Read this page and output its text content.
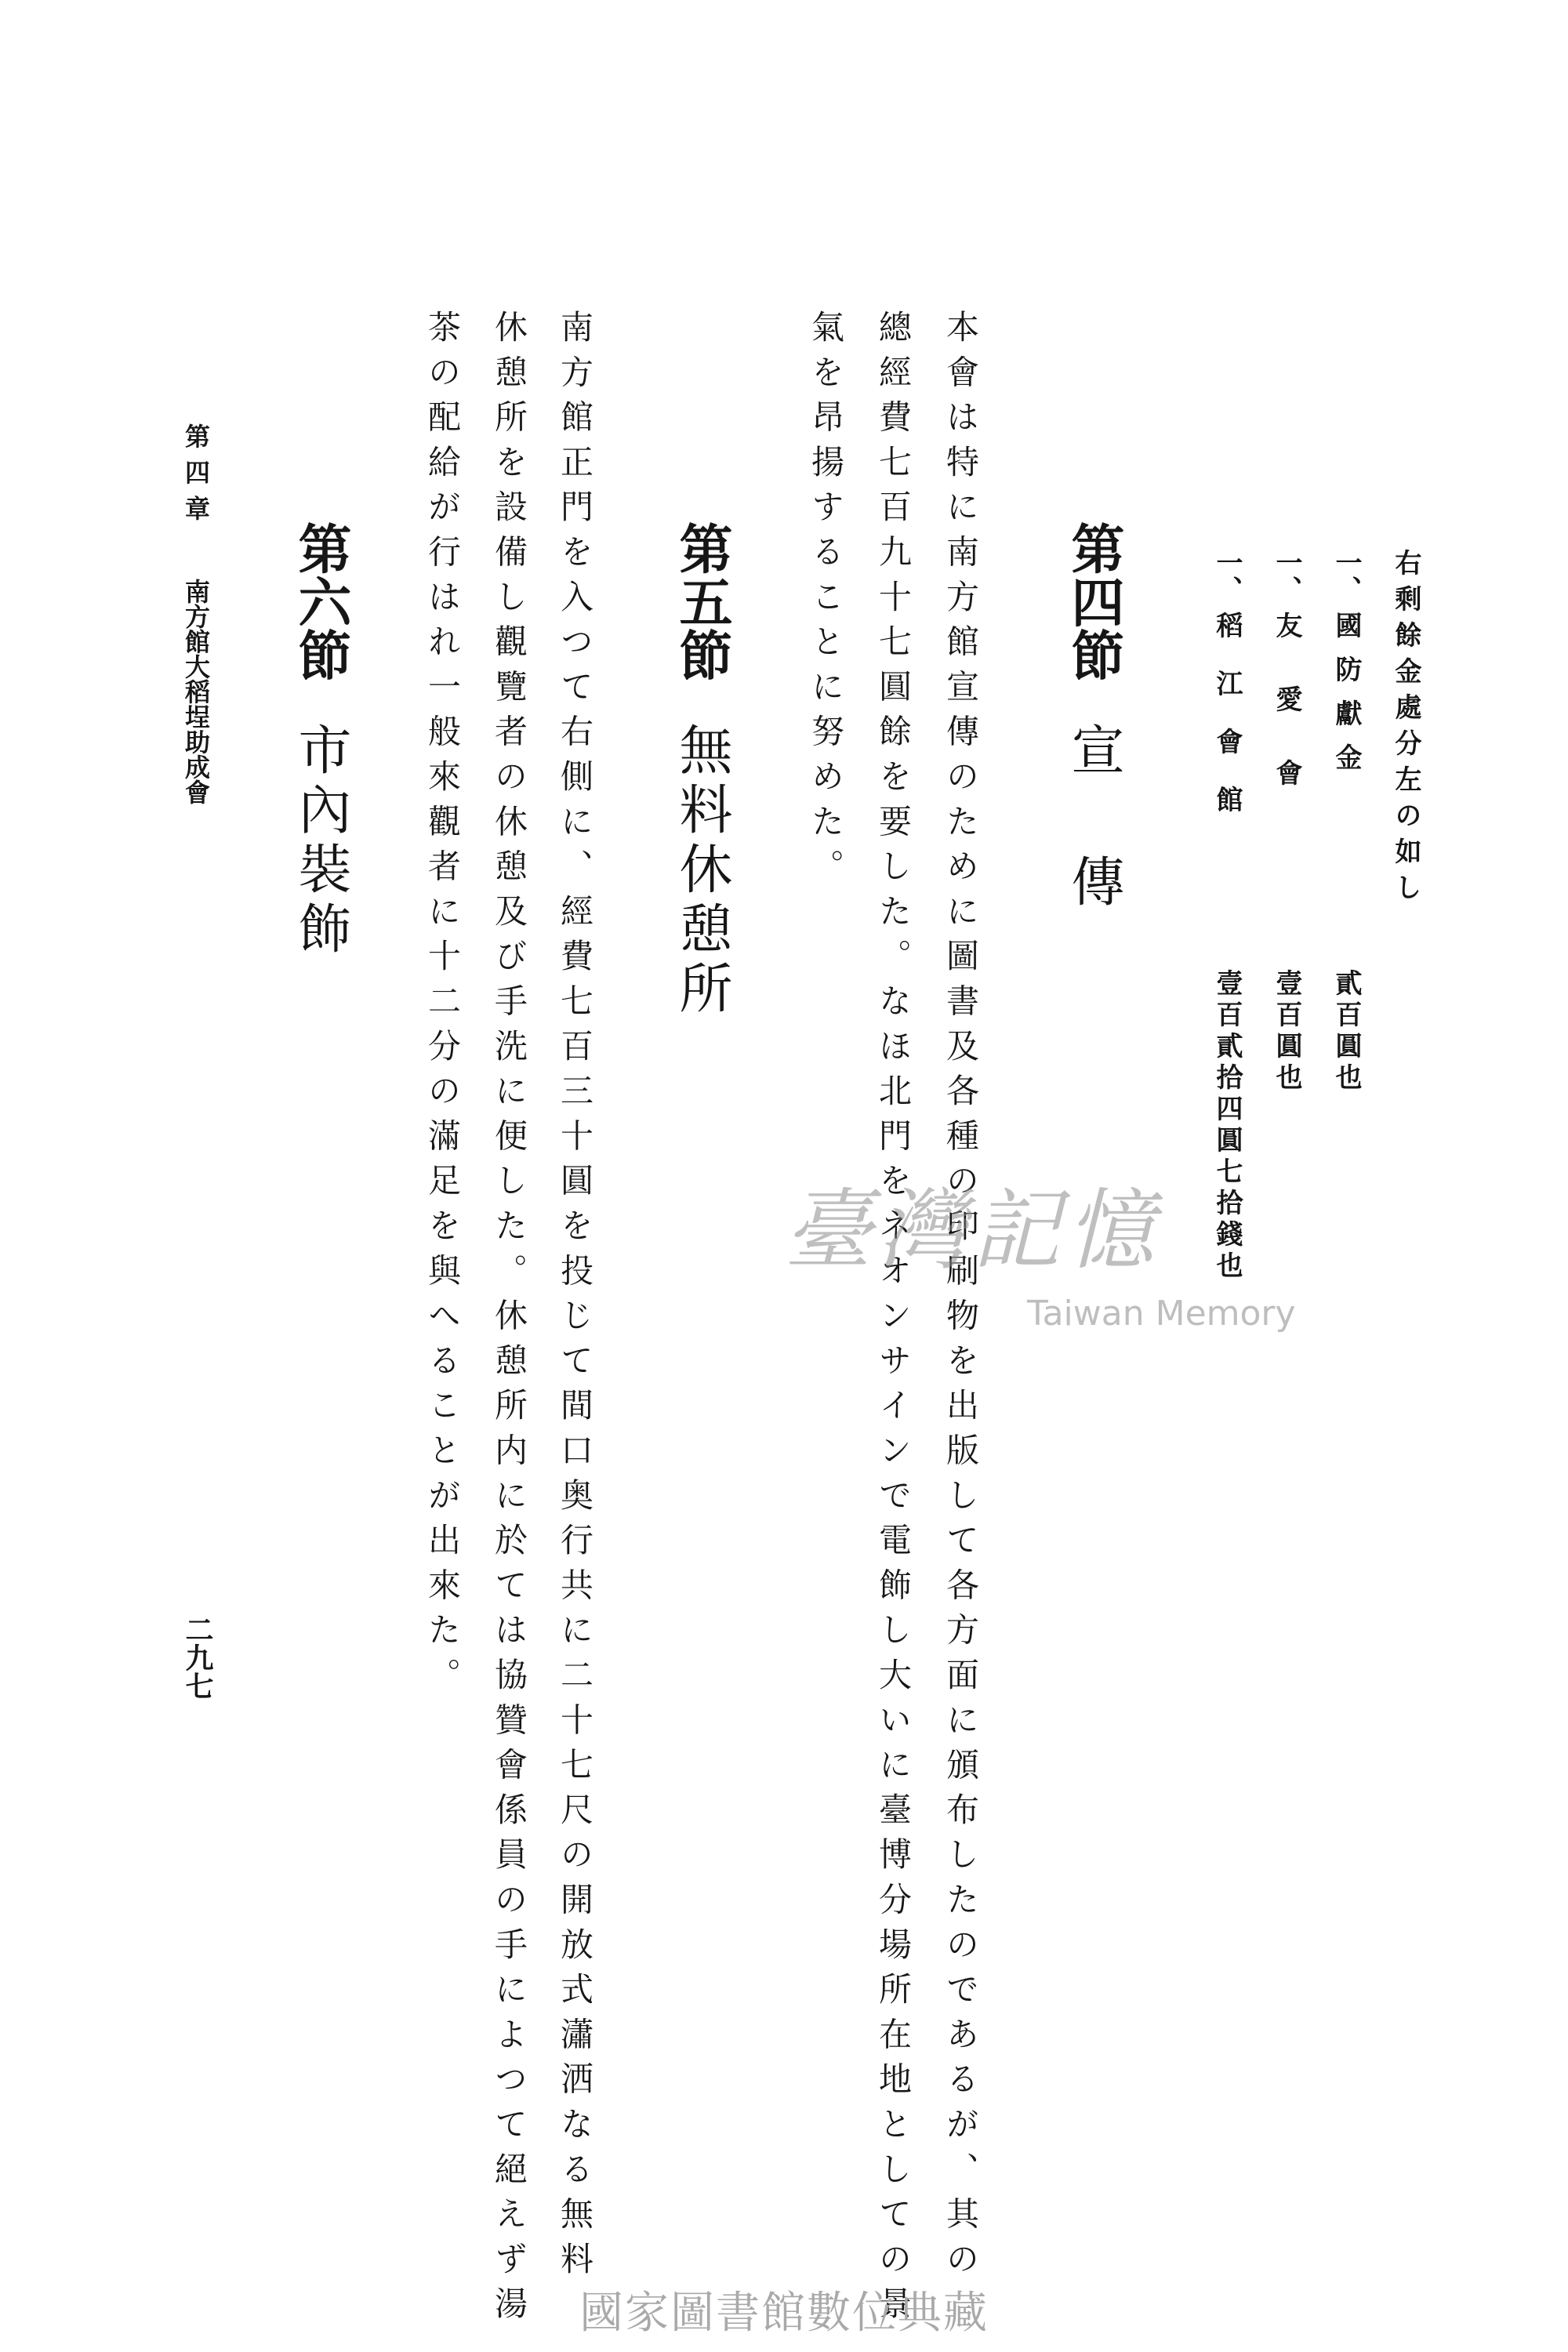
右剩餘金處分左の如し
一、
國防獻金
貳百圓也
一、
友愛會
壹百圓也
一、
稻江會館
壹百貳拾四圓七拾錢也
第四節宣傳
本會は特に南方館宣傳のために圖書及各種の印刷物を出版して各方面に頒布したのであるが、其の
總經費七百九十七圓餘を要した。なほ北門をネオンサインで電飾し大いに臺博分場所在地としての景
氣を昂揚することに努めた。
第五節無料休憩所
南方館正門を入つて右側に、經費七百三十圓を投じて間口奥行共に二十七尺の開放式瀟洒なる無料
休憩所を設備し觀覽者の休憩及び手洗に便した。休憩所内に於ては協贊會係員の手によつて絕えず湯
茶の配給が行はれ一般來觀者に十二分の滿足を與へることが出來た。
第六節市內裝飾
第四章南方館大稻埕助成會
二九七
臺灣記憶
Taiwan Memory
國家圖書館數位典藏
